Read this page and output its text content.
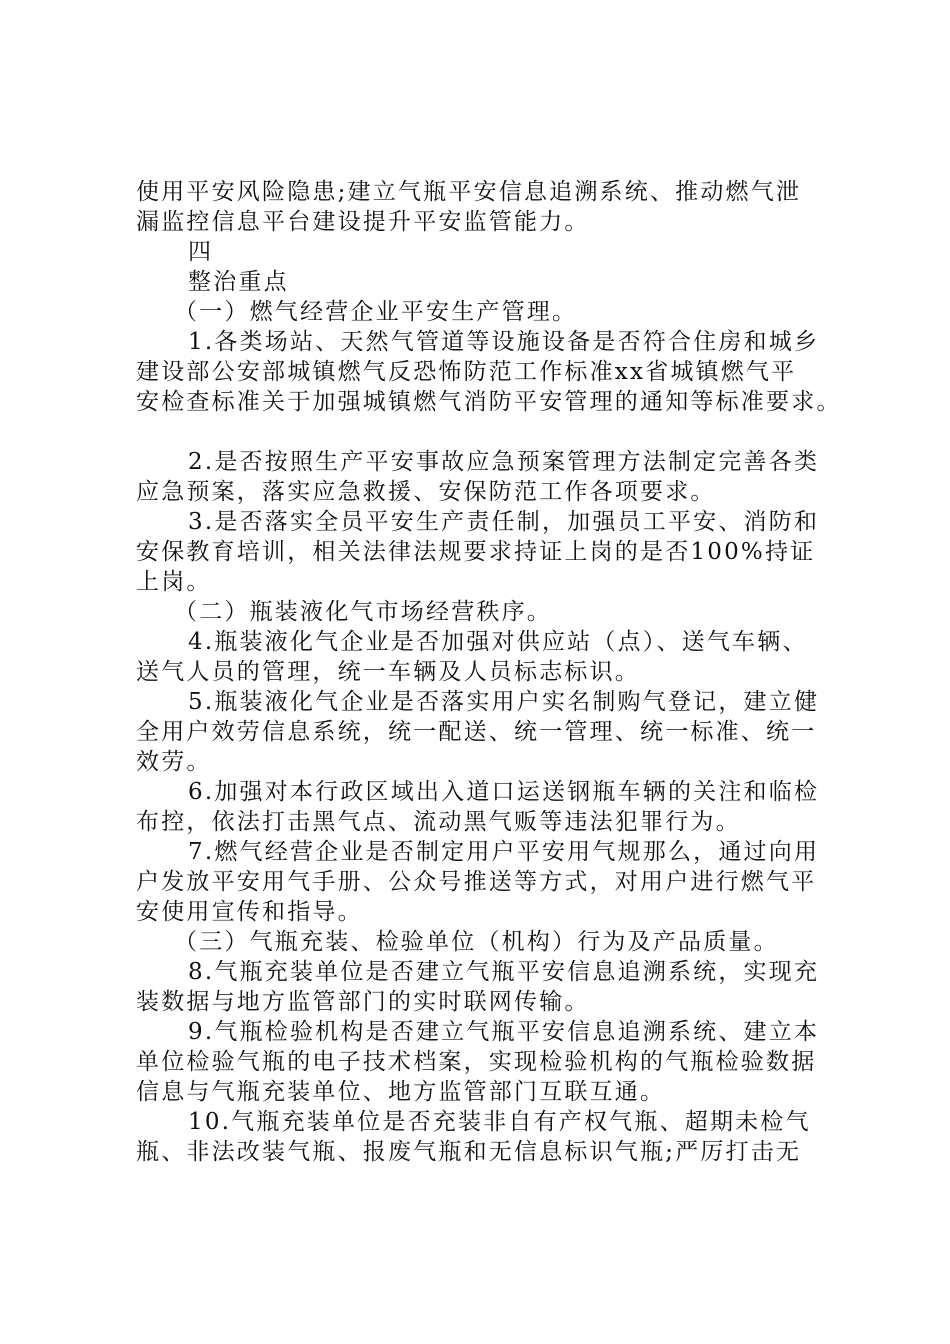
使用平安风险隐患;建立气瓶平安信息追溯系统、推动燃气泄
漏监控信息平台建设提升平安监管能力。
四
整治重点
（一）燃气经营企业平安生产管理。
1.各类场站、天然气管道等设施设备是否符合住房和城乡
建设部公安部城镇燃气反恐怖防范工作标准xx省城镇燃气平
安检查标准关于加强城镇燃气消防平安管理的通知等标准要求。
2.是否按照生产平安事故应急预案管理方法制定完善各类
应急预案，落实应急救援、安保防范工作各项要求。
3.是否落实全员平安生产责任制，加强员工平安、消防和
安保教育培训，相关法律法规要求持证上岗的是否100%持证
上岗。
（二）瓶装液化气市场经营秩序。
4.瓶装液化气企业是否加强对供应站（点）、送气车辆、
送气人员的管理，统一车辆及人员标志标识。
5.瓶装液化气企业是否落实用户实名制购气登记，建立健
全用户效劳信息系统，统一配送、统一管理、统一标准、统一
效劳。
6.加强对本行政区域出入道口运送钢瓶车辆的关注和临检
布控，依法打击黑气点、流动黑气贩等违法犯罪行为。
7.燃气经营企业是否制定用户平安用气规那么，通过向用
户发放平安用气手册、公众号推送等方式，对用户进行燃气平
安使用宣传和指导。
（三）气瓶充装、检验单位（机构）行为及产品质量。
8.气瓶充装单位是否建立气瓶平安信息追溯系统，实现充
装数据与地方监管部门的实时联网传输。
9.气瓶检验机构是否建立气瓶平安信息追溯系统、建立本
单位检验气瓶的电子技术档案，实现检验机构的气瓶检验数据
信息与气瓶充装单位、地方监管部门互联互通。
10.气瓶充装单位是否充装非自有产权气瓶、超期未检气
瓶、非法改装气瓶、报废气瓶和无信息标识气瓶;严厉打击无
